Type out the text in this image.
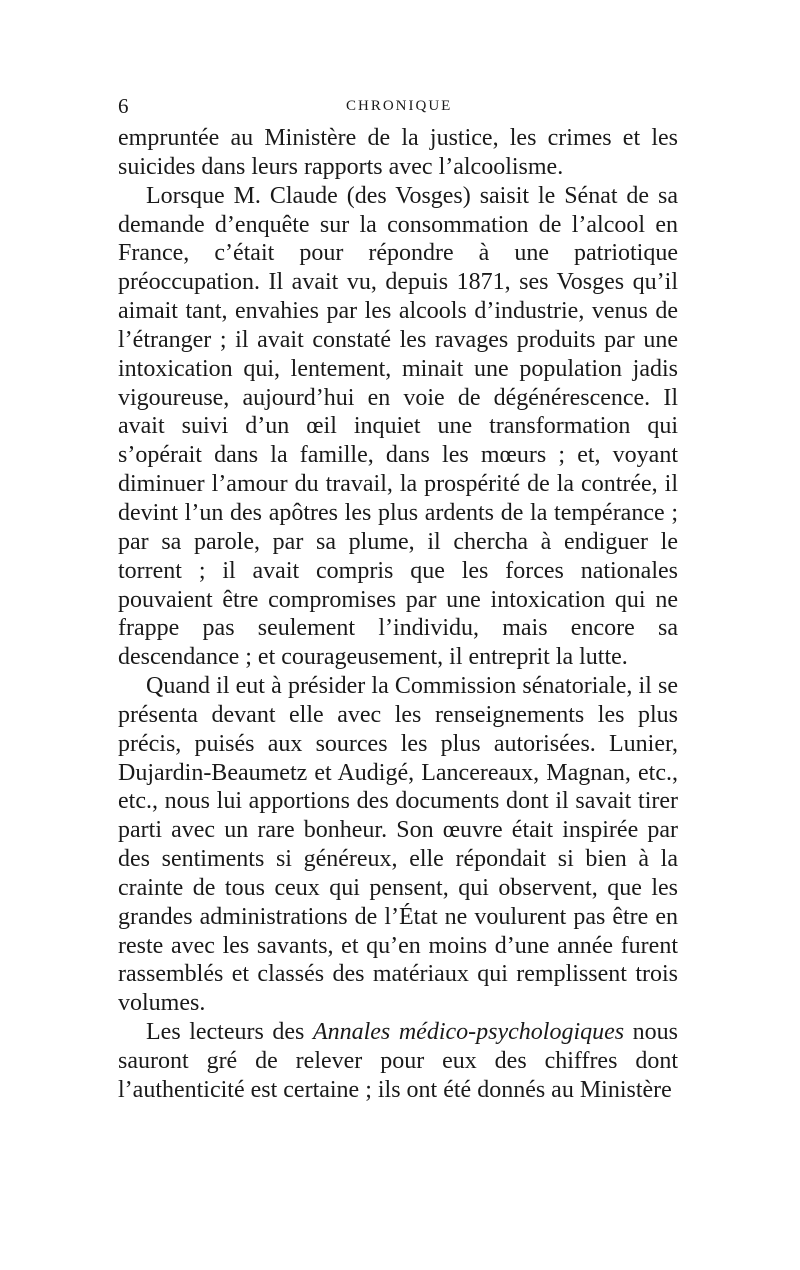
6	CHRONIQUE

empruntée au Ministère de la justice, les crimes et les suicides dans leurs rapports avec l’alcoolisme.

Lorsque M. Claude (des Vosges) saisit le Sénat de sa demande d’enquête sur la consommation de l’alcool en France, c’était pour répondre à une patriotique préoccupation. Il avait vu, depuis 1871, ses Vosges qu’il aimait tant, envahies par les alcools d’industrie, venus de l’étranger ; il avait constaté les ravages produits par une intoxication qui, lentement, minait une population jadis vigoureuse, aujourd’hui en voie de dégénérescence. Il avait suivi d’un œil inquiet une transformation qui s’opérait dans la famille, dans les mœurs ; et, voyant diminuer l’amour du travail, la prospérité de la contrée, il devint l’un des apôtres les plus ardents de la tempérance ; par sa parole, par sa plume, il chercha à endiguer le torrent ; il avait compris que les forces nationales pouvaient être compromises par une intoxication qui ne frappe pas seulement l’individu, mais encore sa descendance ; et courageusement, il entreprit la lutte.

Quand il eut à présider la Commission sénatoriale, il se présenta devant elle avec les renseignements les plus précis, puisés aux sources les plus autorisées. Lunier, Dujardin-Beaumetz et Audigé, Lancereaux, Magnan, etc., etc., nous lui apportions des documents dont il savait tirer parti avec un rare bonheur. Son œuvre était inspirée par des sentiments si généreux, elle répondait si bien à la crainte de tous ceux qui pensent, qui observent, que les grandes administrations de l’État ne voulurent pas être en reste avec les savants, et qu’en moins d’une année furent rassemblés et classés des matériaux qui remplissent trois volumes.

Les lecteurs des Annales médico-psychologiques nous sauront gré de relever pour eux des chiffres dont l’authenticité est certaine ; ils ont été donnés au Ministère
